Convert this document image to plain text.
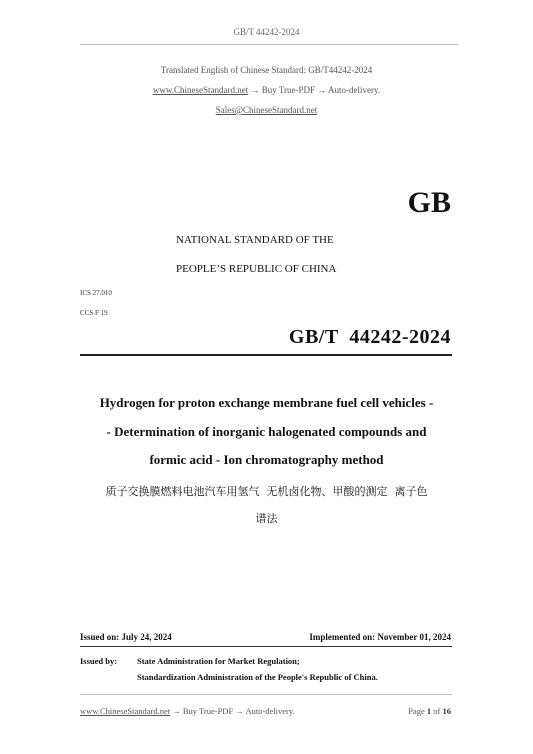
GB/T 44242-2024
Translated English of Chinese Standard: GB/T44242-2024
www.ChineseStandard.net → Buy True-PDF → Auto-delivery.
Sales@ChineseStandard.net
GB
NATIONAL STANDARD OF THE
PEOPLE’S REPUBLIC OF CHINA
ICS 27.010
CCS F 19
GB/T  44242-2024
Hydrogen for proton exchange membrane fuel cell vehicles -
- Determination of inorganic halogenated compounds and
formic acid - Ion chromatography method
质子交换膜燃料电池汽车用氢气  无机卤化物、甲酸的测定  离子色
谱法
Issued on: July 24, 2024	Implemented on: November 01, 2024
Issued by: State Administration for Market Regulation;
Standardization Administration of the People's Republic of China.
www.ChineseStandard.net → Buy True-PDF → Auto-delivery.	Page 1 of 16
